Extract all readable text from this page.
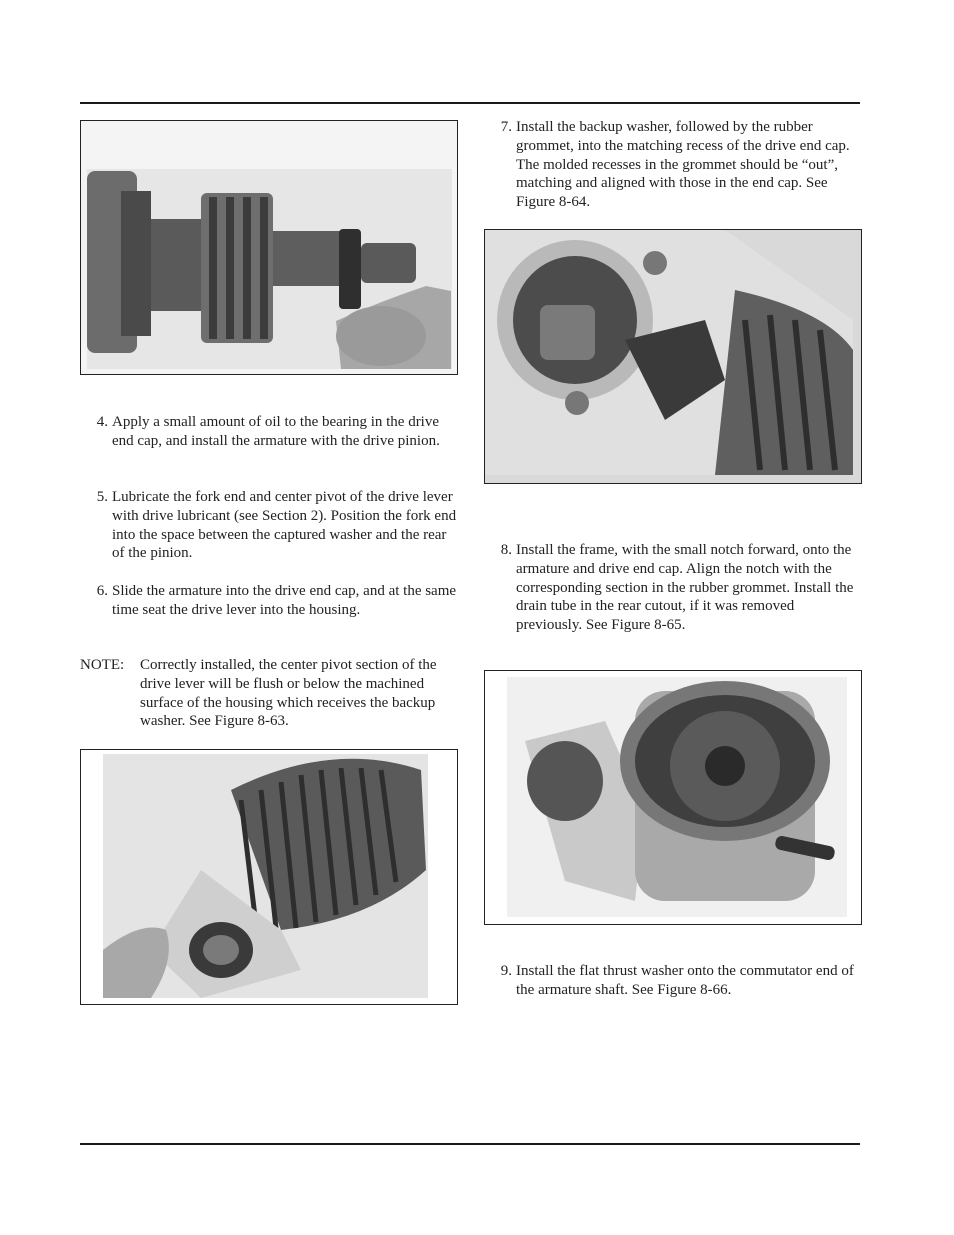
4. Apply a small amount of oil to the bearing in the drive end cap, and install the armature with the drive pinion.
5. Lubricate the fork end and center pivot of the drive lever with drive lubricant (see Section 2). Position the fork end into the space between the captured washer and the rear of the pinion.
6. Slide the armature into the drive end cap, and at the same time seat the drive lever into the housing.
NOTE: Correctly installed, the center pivot section of the drive lever will be flush or below the machined surface of the housing which receives the backup washer. See Figure 8-63.
7. Install the backup washer, followed by the rubber grommet, into the matching recess of the drive end cap. The molded recesses in the grommet should be “out”, matching and aligned with those in the end cap. See Figure 8-64.
8. Install the frame, with the small notch forward, onto the armature and drive end cap. Align the notch with the corresponding section in the rubber grommet. Install the drain tube in the rear cutout, if it was removed previously. See Figure 8-65.
9. Install the flat thrust washer onto the commutator end of the armature shaft. See Figure 8-66.
